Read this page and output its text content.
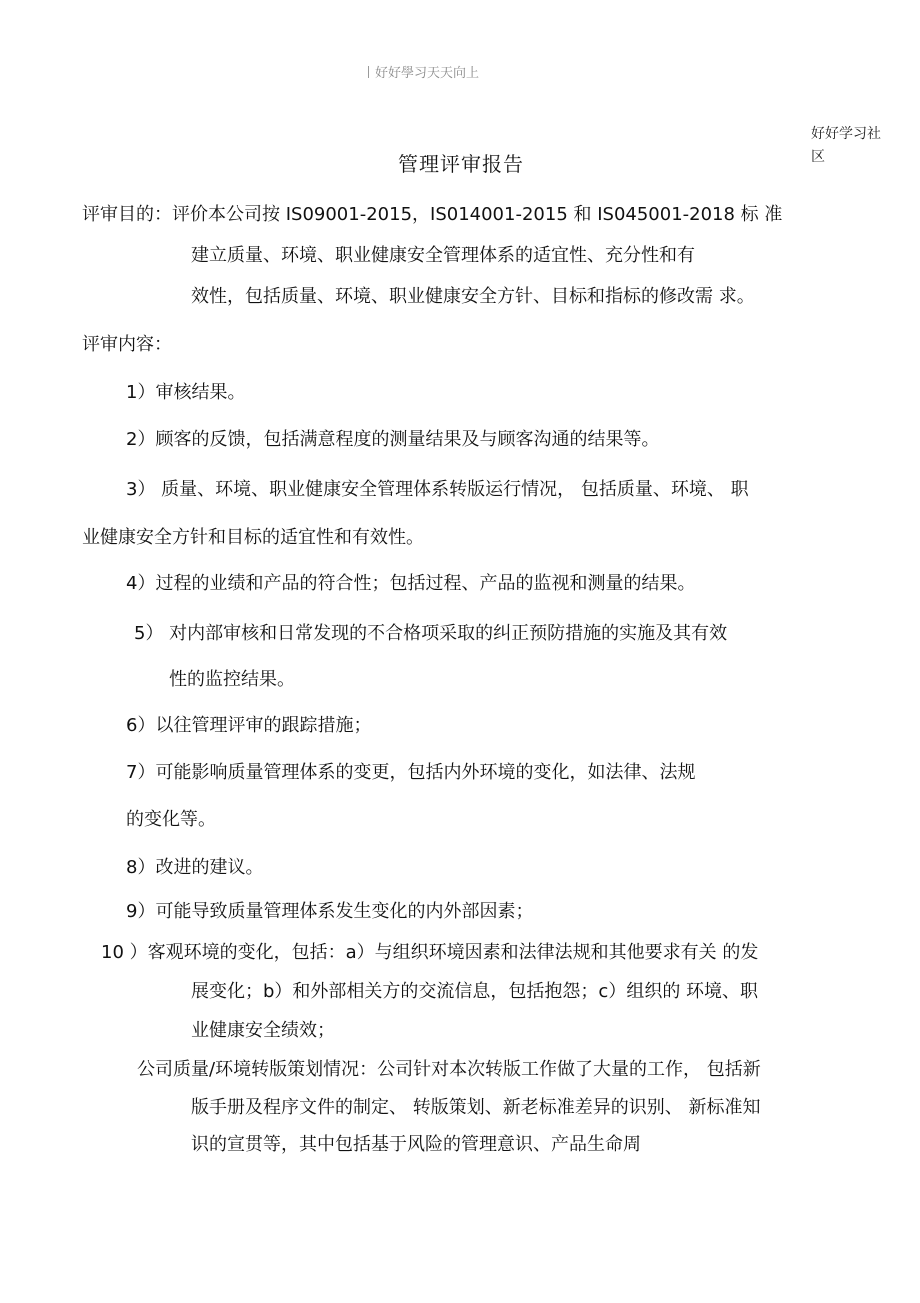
好好學习天天向上
好好学习社区
管理评审报告
评审目的：评价本公司按 IS09001-2015，IS014001-2015 和 IS045001-2018 标 准
建立质量、环境、职业健康安全管理体系的适宜性、充分性和有
效性，包括质量、环境、职业健康安全方针、目标和指标的修改需 求。
评审内容：
1）审核结果。
2）顾客的反馈，包括满意程度的测量结果及与顾客沟通的结果等。
3） 质量、环境、职业健康安全管理体系转版运行情况， 包括质量、环境、 职
业健康安全方针和目标的适宜性和有效性。
4）过程的业绩和产品的符合性；包括过程、产品的监视和测量的结果。
5） 对内部审核和日常发现的不合格项采取的纠正预防措施的实施及其有效
性的监控结果。
6）以往管理评审的跟踪措施；
7）可能影响质量管理体系的变更，包括内外环境的变化，如法律、法规
的变化等。
8）改进的建议。
9）可能导致质量管理体系发生变化的内外部因素；
10 ）客观环境的变化，包括：a）与组织环境因素和法律法规和其他要求有关 的发
展变化；b）和外部相关方的交流信息，包括抱怨；c）组织的 环境、职
业健康安全绩效；
公司质量/环境转版策划情况：公司针对本次转版工作做了大量的工作， 包括新
版手册及程序文件的制定、 转版策划、新老标准差异的识别、 新标准知
识的宣贯等，其中包括基于风险的管理意识、产品生命周
